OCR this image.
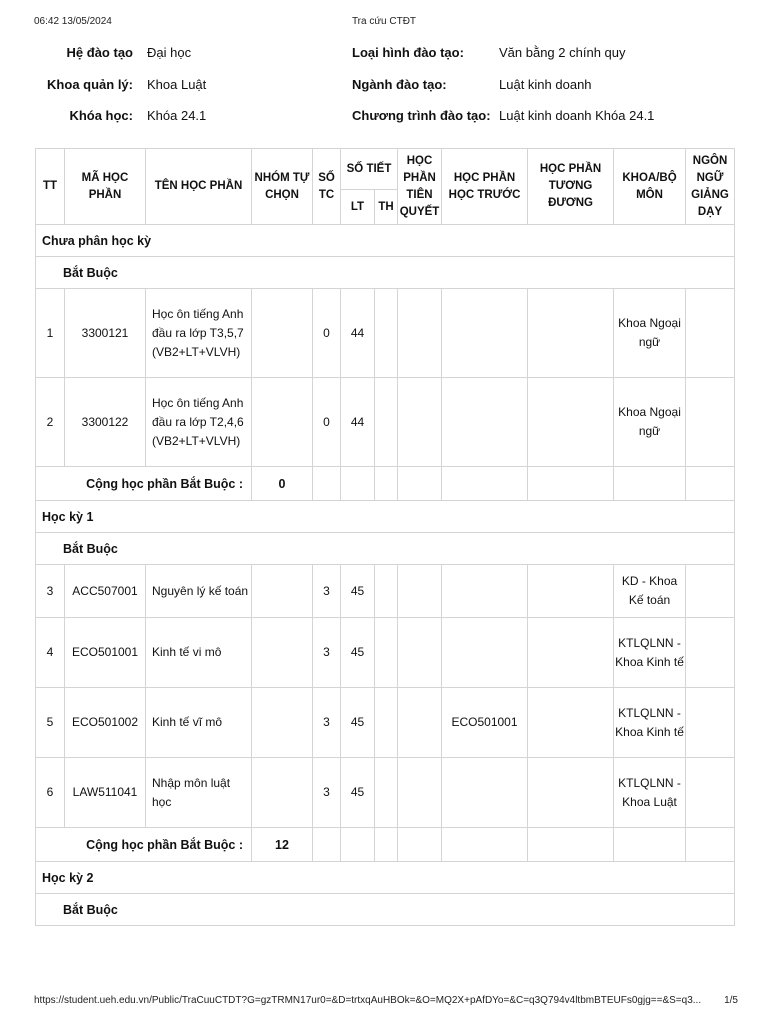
06:42 13/05/2024	Tra cứu CTĐT
Hệ đào tạo Đại học	Loại hình đào tạo:	Văn bằng 2 chính quy
Khoa quản lý: Khoa Luật	Ngành đào tạo:	Luật kinh doanh
Khóa học: Khóa 24.1	Chương trình đào tạo: Luật kinh doanh Khóa 24.1
TT	MÃ HỌC PHẦN	TÊN HỌC PHẦN	NHÓM TỰ CHỌN	SỐ TC	SỐ TIẾT		HỌC PHẦN TIÊN QUYẾT	HỌC PHẦN HỌC TRƯỚC	HỌC PHẦN TƯƠNG ĐƯƠNG	KHOA/BỘ MÔN	NGÔN NGỮ GIẢNG DẠY
					LT	TH					
Chưa phân học kỳ											
Bắt Buộc											
1	3300121	Học ôn tiếng Anh đầu ra lớp T3,5,7 (VB2+LT+VLVH)		0	44					Khoa Ngoại ngữ	
2	3300122	Học ôn tiếng Anh đầu ra lớp T2,4,6 (VB2+LT+VLVH)		0	44					Khoa Ngoại ngữ	
Cộng học phần Bắt Buộc :			0								
Học kỳ 1											
Bắt Buộc											
3	ACC507001	Nguyên lý kế toán		3	45					KD - Khoa Kế toán	
4	ECO501001	Kinh tế vi mô		3	45					KTLQLNN - Khoa Kinh tế	
5	ECO501002	Kinh tế vĩ mô		3	45			ECO501001		KTLQLNN - Khoa Kinh tế	
6	LAW511041	Nhập môn luật học		3	45					KTLQLNN - Khoa Luật	
Cộng học phần Bắt Buộc :			12								
Học kỳ 2											
Bắt Buộc											
https://student.ueh.edu.vn/Public/TraCuuCTDT?G=gzTRMN17ur0=&D=trtxqAuHBOk=&O=MQ2X+pAfDYo=&C=q3Q794v4ltbmBTEUFs0gjg==&S=q3...	1/5
